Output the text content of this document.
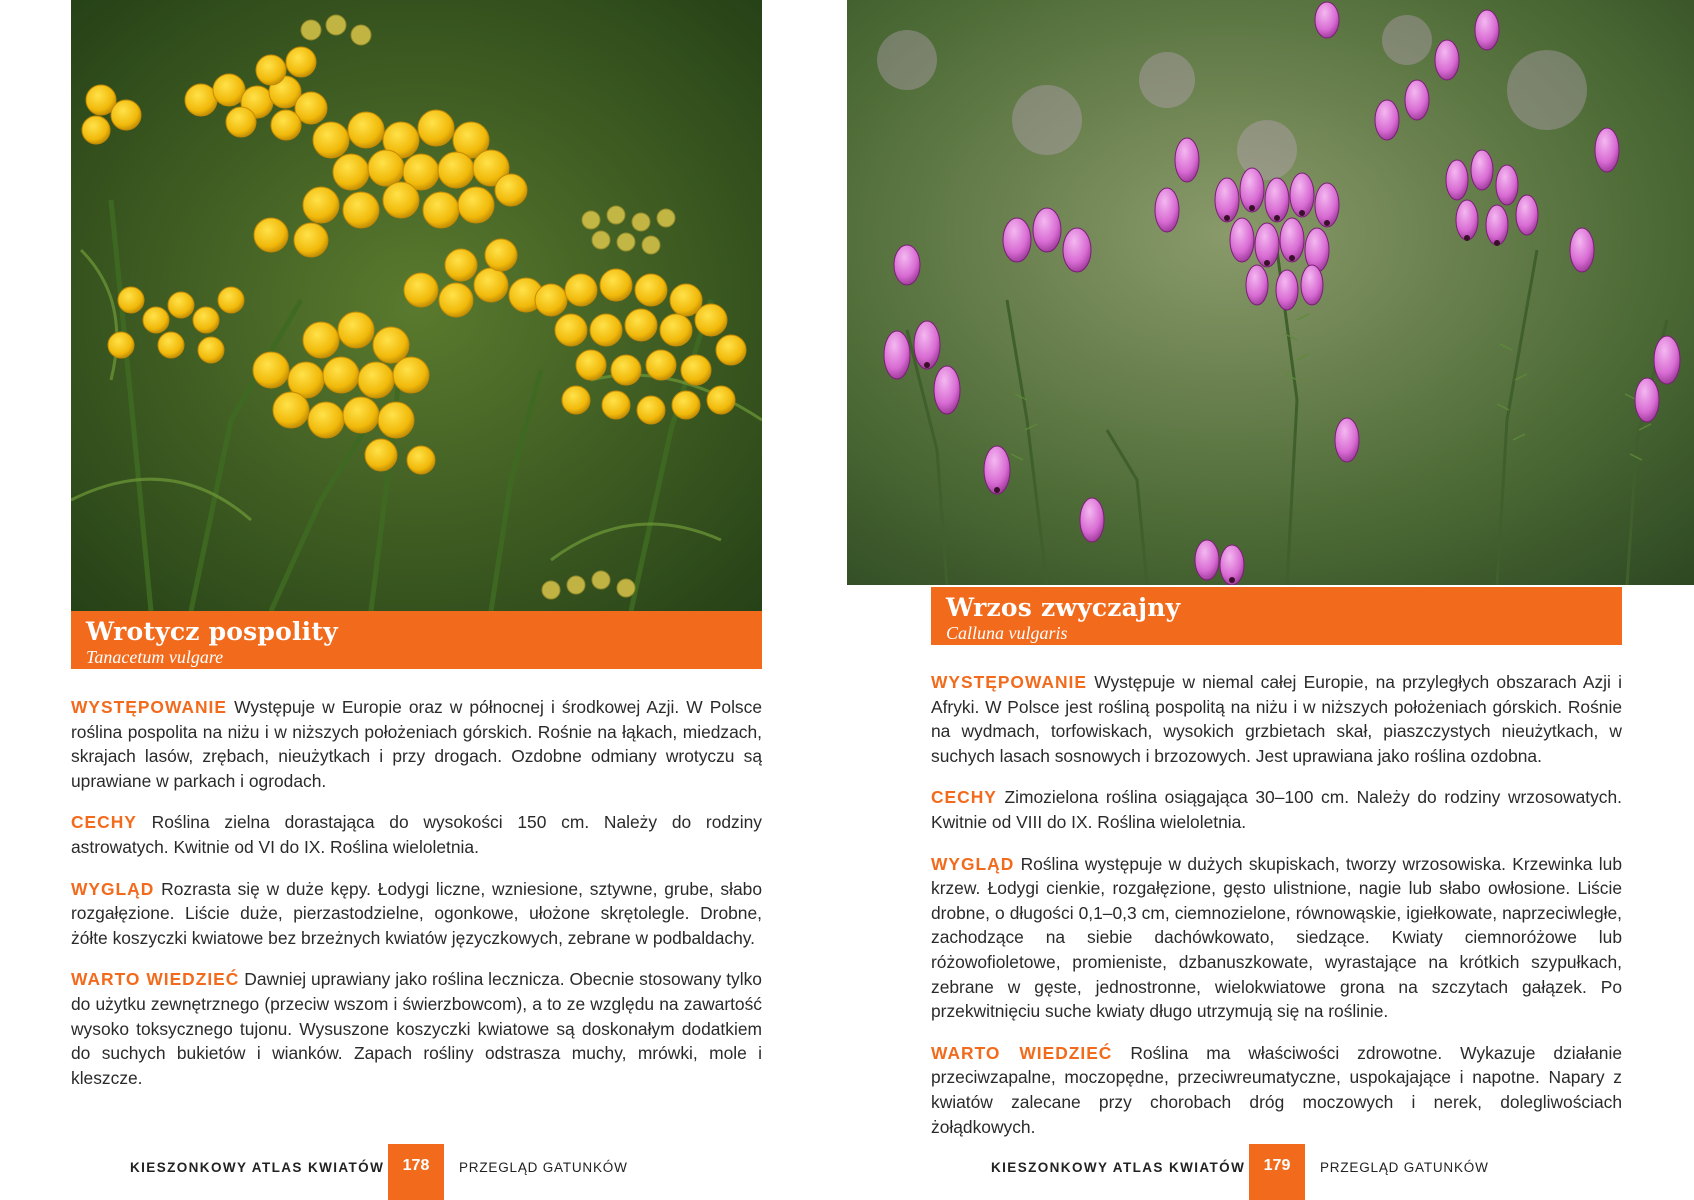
Wrotycz pospolity
Tanacetum vulgare

WYSTĘPOWANIE Występuje w Europie oraz w północnej i środkowej Azji. W Polsce roślina pospolita na niżu i w niższych położeniach górskich. Rośnie na łąkach, miedzach, skrajach lasów, zrębach, nieużytkach i przy drogach. Ozdobne odmiany wrotyczu są uprawiane w parkach i ogrodach.

CECHY Roślina zielna dorastająca do wysokości 150 cm. Należy do rodziny astrowatych. Kwitnie od VI do IX. Roślina wieloletnia.

WYGLĄD Rozrasta się w duże kępy. Łodygi liczne, wzniesione, sztywne, grube, słabo rozgałęzione. Liście duże, pierzastodzielne, ogonkowe, ułożone skrętolegle. Drobne, żółte koszyczki kwiatowe bez brzeżnych kwiatów języczkowych, zebrane w podbaldachy.

WARTO WIEDZIEĆ Dawniej uprawiany jako roślina lecznicza. Obecnie stosowany tylko do użytku zewnętrznego (przeciw wszom i świerzbowcom), a to ze względu na zawartość wysoko toksycznego tujonu. Wysuszone koszyczki kwiatowe są doskonałym dodatkiem do suchych bukietów i wianków. Zapach rośliny odstrasza muchy, mrówki, mole i kleszcze.

KIESZONKOWY ATLAS KWIATÓW	178	PRZEGLĄD GATUNKÓW
Wrzos zwyczajny
Calluna vulgaris

WYSTĘPOWANIE Występuje w niemal całej Europie, na przyległych obszarach Azji i Afryki. W Polsce jest rośliną pospolitą na niżu i w niższych położeniach górskich. Rośnie na wydmach, torfowiskach, wysokich grzbietach skał, piaszczystych nieużytkach, w suchych lasach sosnowych i brzozowych. Jest uprawiana jako roślina ozdobna.

CECHY Zimozielona roślina osiągająca 30–100 cm. Należy do rodziny wrzosowatych. Kwitnie od VIII do IX. Roślina wieloletnia.

WYGLĄD Roślina występuje w dużych skupiskach, tworzy wrzosowiska. Krzewinka lub krzew. Łodygi cienkie, rozgałęzione, gęsto ulistnione, nagie lub słabo owłosione. Liście drobne, o długości 0,1–0,3 cm, ciemnozielone, równowąskie, igiełkowate, naprzeciwległe, zachodzące na siebie dachówkowato, siedzące. Kwiaty ciemnoróżowe lub różowofioletowe, promieniste, dzbanuszkowate, wyrastające na krótkich szypułkach, zebrane w gęste, jednostronne, wielokwiatowe grona na szczytach gałązek. Po przekwitnięciu suche kwiaty długo utrzymują się na roślinie.

WARTO WIEDZIEĆ Roślina ma właściwości zdrowotne. Wykazuje działanie przeciwzapalne, moczopędne, przeciwreumatyczne, uspokajające i napotne. Napary z kwiatów zalecane przy chorobach dróg moczowych i nerek, dolegliwościach żołądkowych.

KIESZONKOWY ATLAS KWIATÓW	179	PRZEGLĄD GATUNKÓW
